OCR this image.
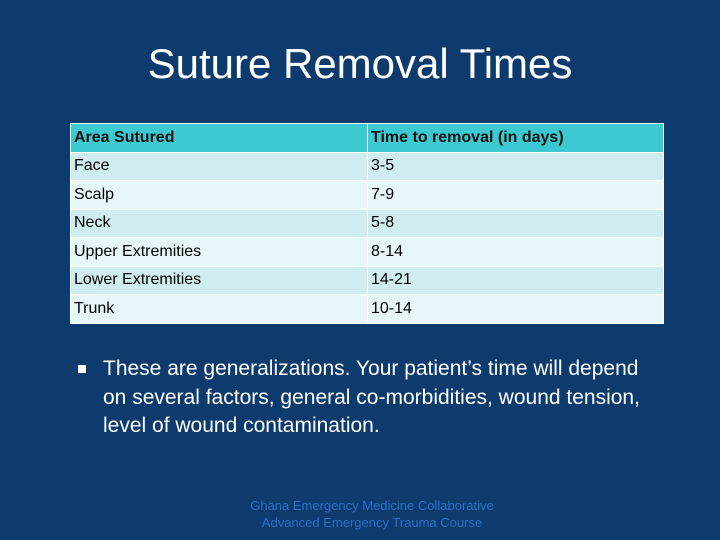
Suture Removal Times
Area Sutured	Time to removal (in days)
Face	3-5
Scalp	7-9
Neck	5-8
Upper Extremities	8-14
Lower Extremities	14-21
Trunk	10-14
These are generalizations. Your patient’s time will depend on several factors, general co-morbidities, wound tension, level of wound contamination.
Ghana Emergency Medicine Collaborative
Advanced Emergency Trauma Course
